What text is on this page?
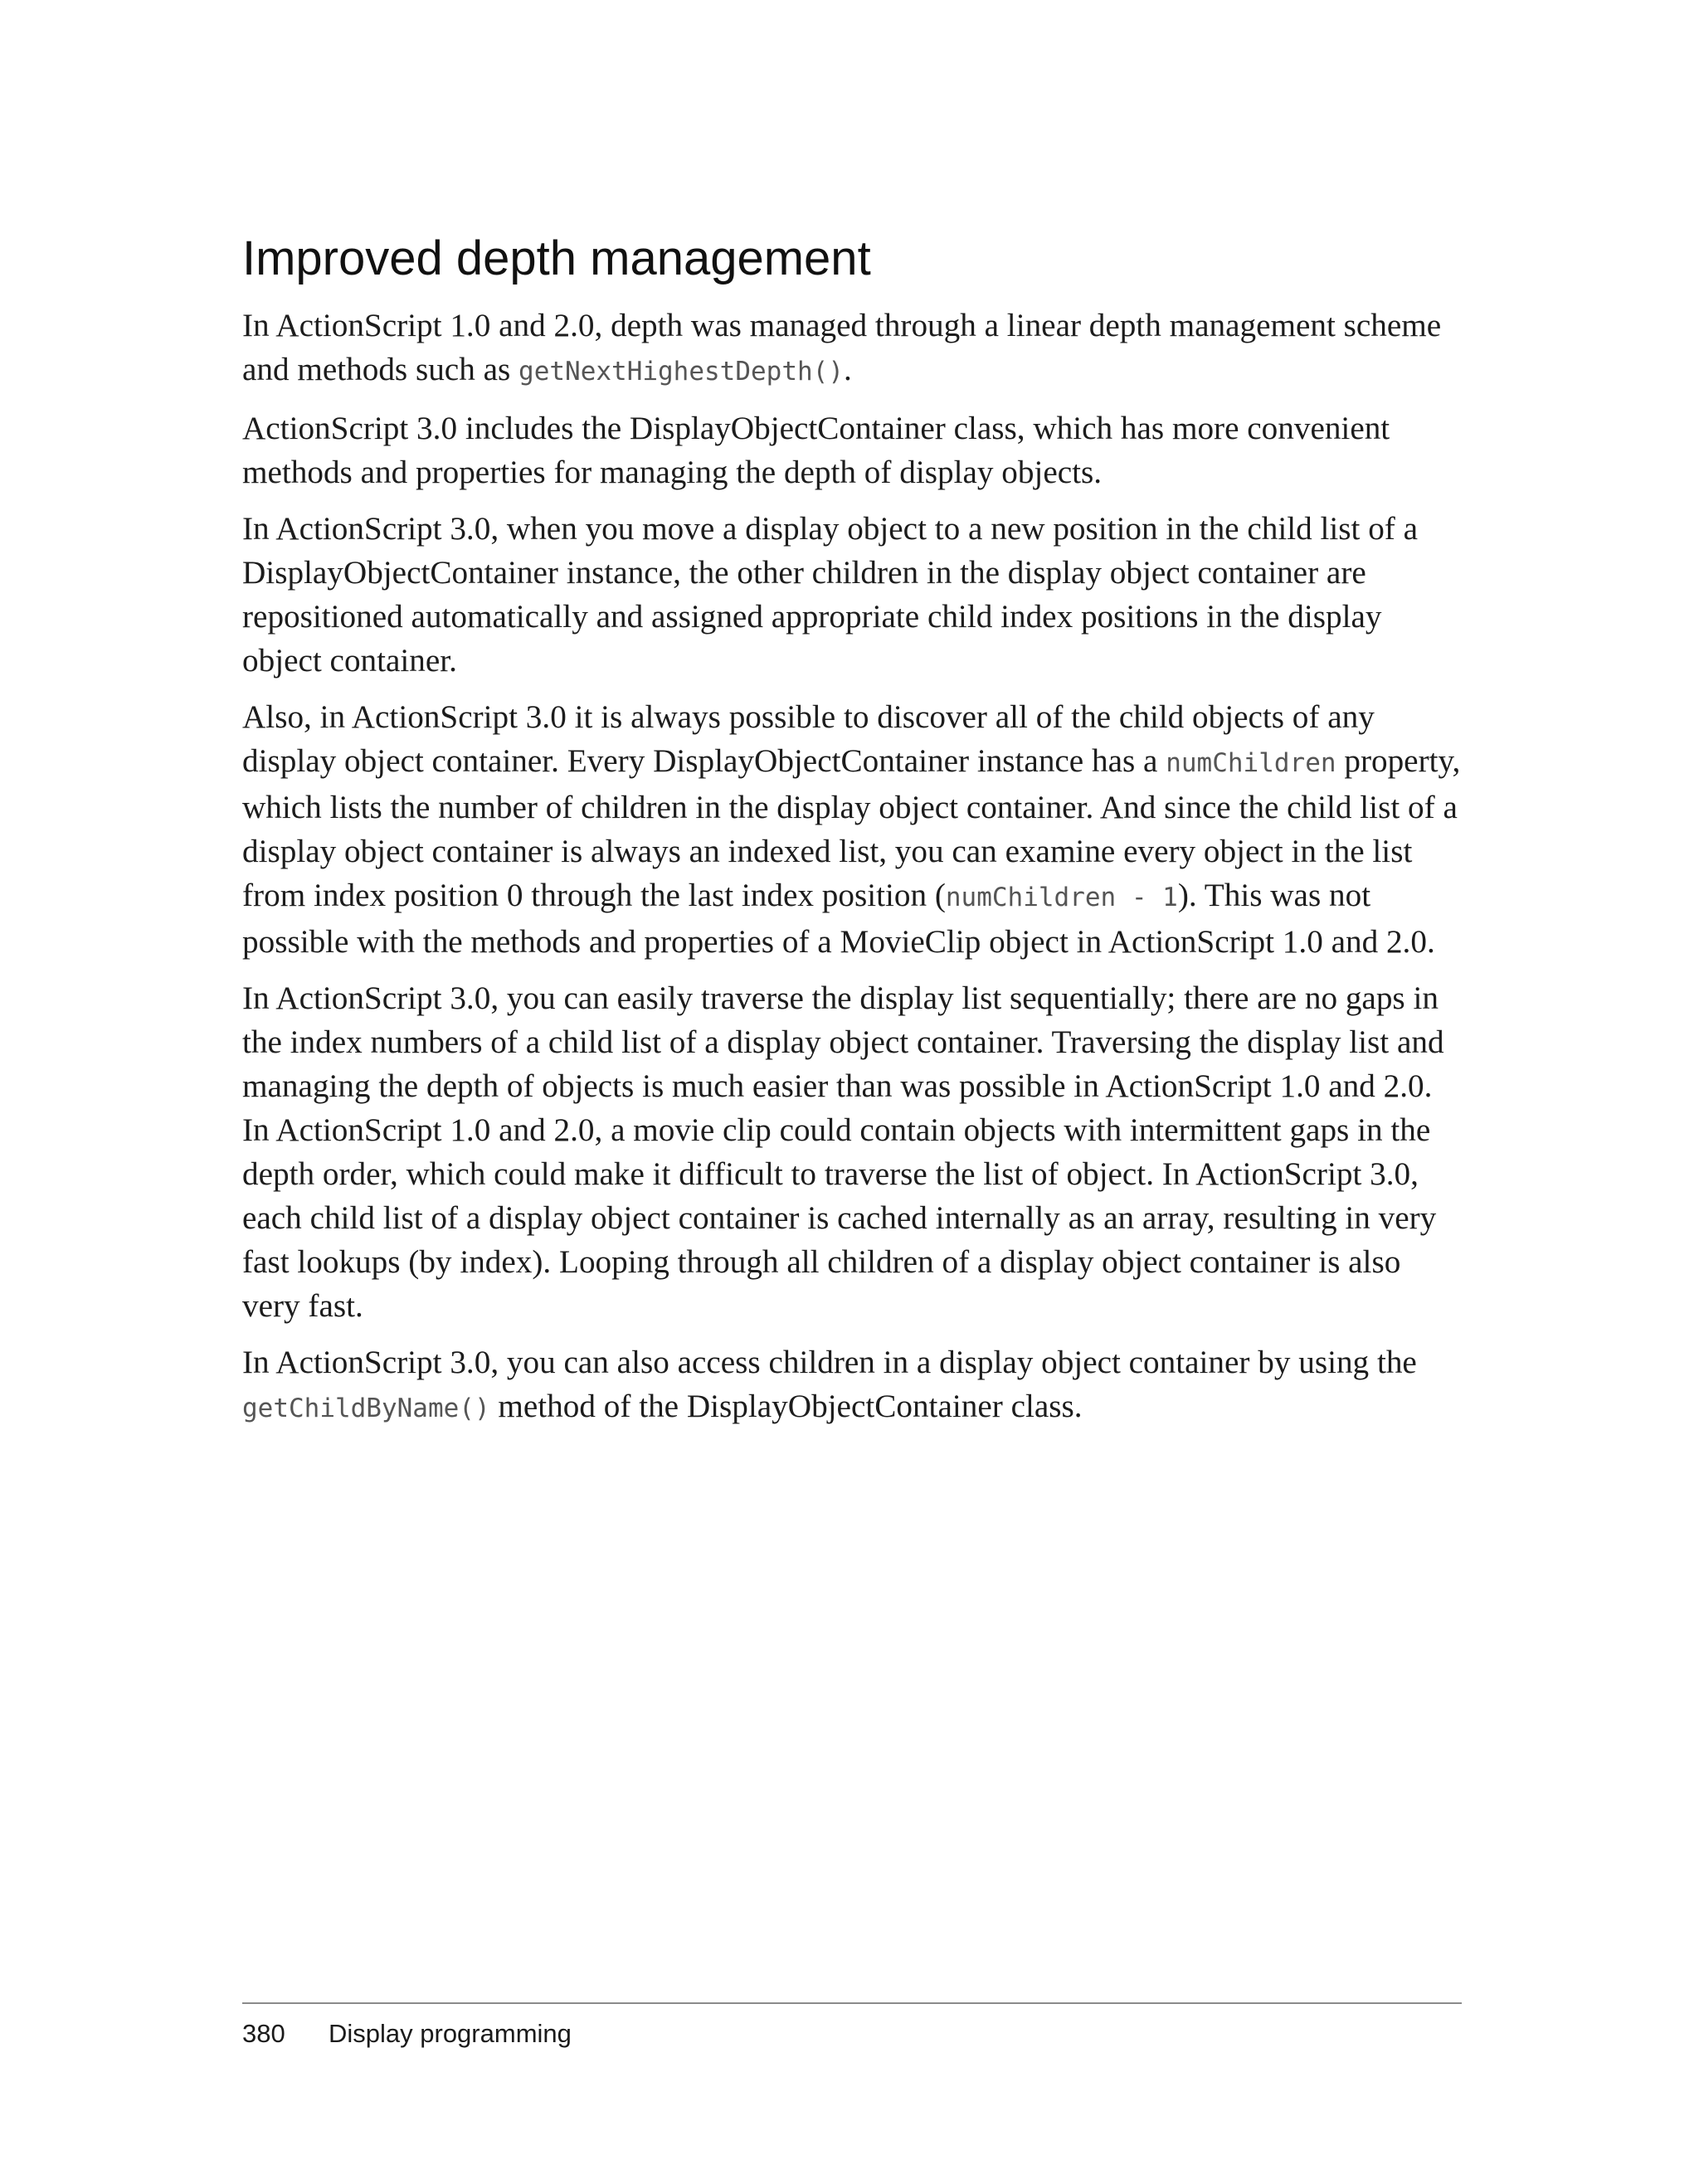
Improved depth management

In ActionScript 1.0 and 2.0, depth was managed through a linear depth management scheme and methods such as getNextHighestDepth().

ActionScript 3.0 includes the DisplayObjectContainer class, which has more convenient methods and properties for managing the depth of display objects.

In ActionScript 3.0, when you move a display object to a new position in the child list of a DisplayObjectContainer instance, the other children in the display object container are repositioned automatically and assigned appropriate child index positions in the display object container.

Also, in ActionScript 3.0 it is always possible to discover all of the child objects of any display object container. Every DisplayObjectContainer instance has a numChildren property, which lists the number of children in the display object container. And since the child list of a display object container is always an indexed list, you can examine every object in the list from index position 0 through the last index position (numChildren - 1). This was not possible with the methods and properties of a MovieClip object in ActionScript 1.0 and 2.0.

In ActionScript 3.0, you can easily traverse the display list sequentially; there are no gaps in the index numbers of a child list of a display object container. Traversing the display list and managing the depth of objects is much easier than was possible in ActionScript 1.0 and 2.0. In ActionScript 1.0 and 2.0, a movie clip could contain objects with intermittent gaps in the depth order, which could make it difficult to traverse the list of object. In ActionScript 3.0, each child list of a display object container is cached internally as an array, resulting in very fast lookups (by index). Looping through all children of a display object container is also very fast.

In ActionScript 3.0, you can also access children in a display object container by using the getChildByName() method of the DisplayObjectContainer class.

380 Display programming
